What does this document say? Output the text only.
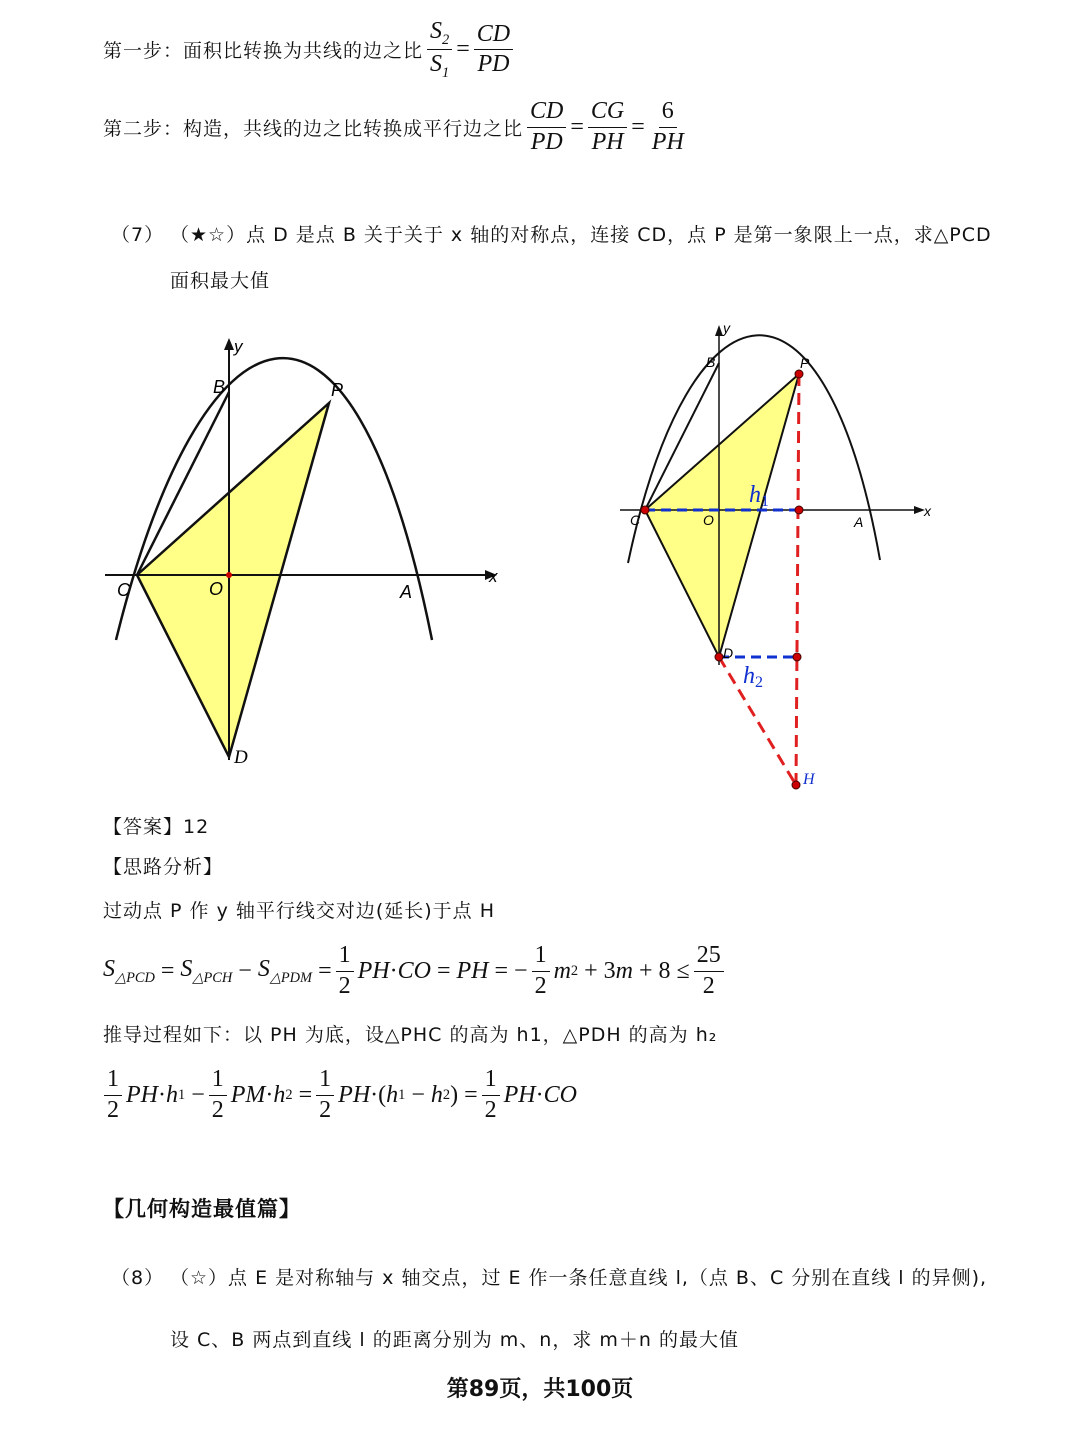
第一步：面积比转换为共线的边之比 $\frac{S_2}{S_1} = \frac{CD}{PD}$
第二步：构造，共线的边之比转换成平行边之比 $\frac{CD}{PD} = \frac{CG}{PH} = \frac{6}{PH}$
（7） （★☆）点 D 是点 B 关于关于 x 轴的对称点，连接 CD，点 P 是第一象限上一点，求△PCD
面积最大值
y
x
B	P
C	O	A
D
y
x
B	P
C	O	A
D
H
h1
h2
【答案】12
【思路分析】
过动点 P 作 y 轴平行线交对边(延长)于点 H
$S_{\triangle PCD} = S_{\triangle PCH} - S_{\triangle PDM} = \frac{1}{2}$ PH · CO = PH = − $\frac{1}{2}$ m 2 + 3 $m + 8 \le \frac{25}{2}$
推导过程如下：以 PH 为底，设△PHC 的高为 h1，△PDH 的高为 h₂
$\frac{1}{2}$ PH · h $1 - \frac{1}{2}$ PM · h $2 = \frac{1}{2}$ PH ·( h 1 − h 2 ) = $\frac{1}{2}$ PH · CO
【几何构造最值篇】
（8） （☆）点 E 是对称轴与 x 轴交点，过 E 作一条任意直线 l,（点 B、C 分别在直线 l 的异侧),
设 C、B 两点到直线 l 的距离分别为 m、n，求 m＋n 的最大值
第89页，共100页
